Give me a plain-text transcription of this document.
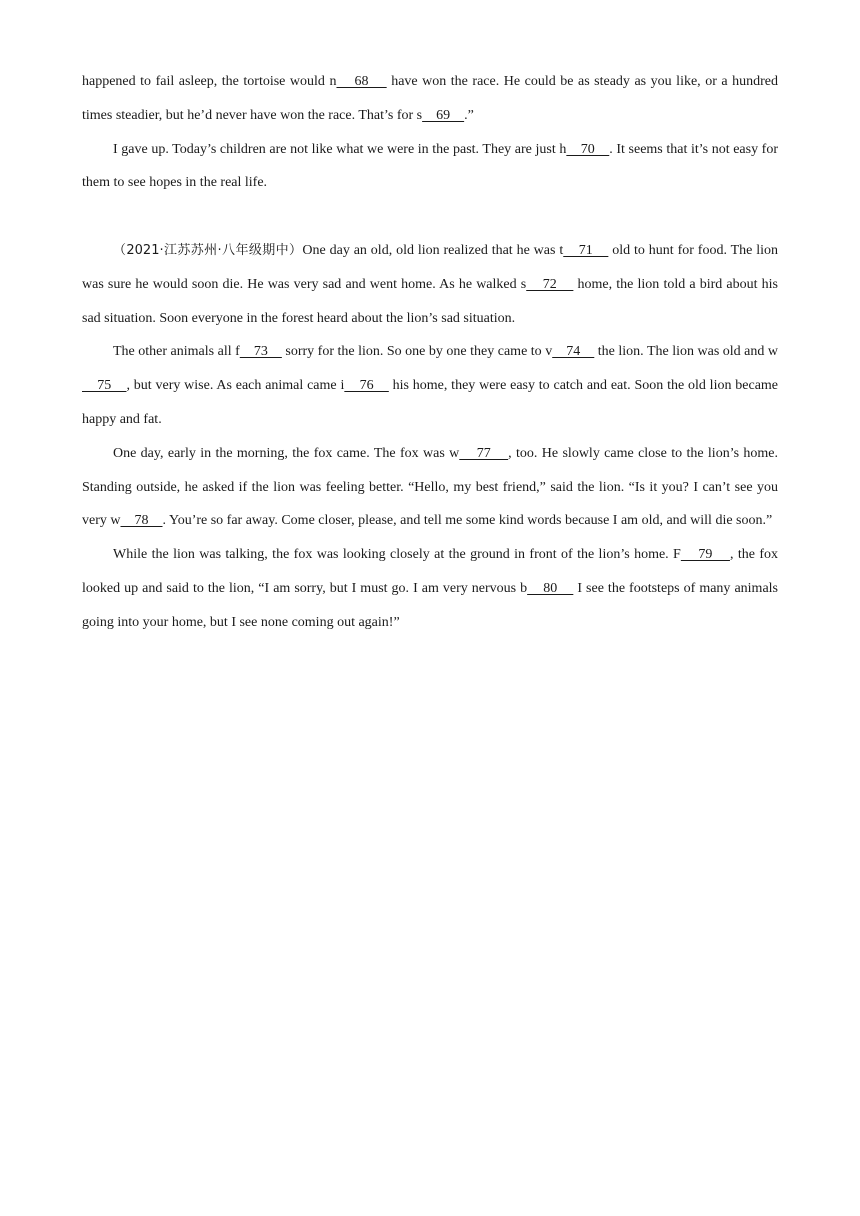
happened to fail asleep, the tortoise would n    68     have won the race. He could be as steady as you like, or a hundred times steadier, but he’d never have won the race. That’s for s    69    .”

I gave up. Today’s children are not like what we were in the past. They are just h    70    . It seems that it’s not easy for them to see hopes in the real life.

（2021·江苏苏州·八年级期中）One day an old, old lion realized that he was t    71     old to hunt for food. The lion was sure he would soon die. He was very sad and went home. As he walked s    72     home, the lion told a bird about his sad situation. Soon everyone in the forest heard about the lion’s sad situation.

The other animals all f    73     sorry for the lion. So one by one they came to v    74     the lion. The lion was old and w    75    , but very wise. As each animal came i    76     his home, they were easy to catch and eat. Soon the old lion became happy and fat.

One day, early in the morning, the fox came. The fox was w    77    , too. He slowly came close to the lion’s home. Standing outside, he asked if the lion was feeling better. “Hello, my best friend,” said the lion. “Is it you? I can’t see you very w    78    . You’re so far away. Come closer, please, and tell me some kind words because I am old, and will die soon.”

While the lion was talking, the fox was looking closely at the ground in front of the lion’s home. F    79    , the fox looked up and said to the lion, “I am sorry, but I must go. I am very nervous b    80     I see the footsteps of many animals going into your home, but I see none coming out again!”
